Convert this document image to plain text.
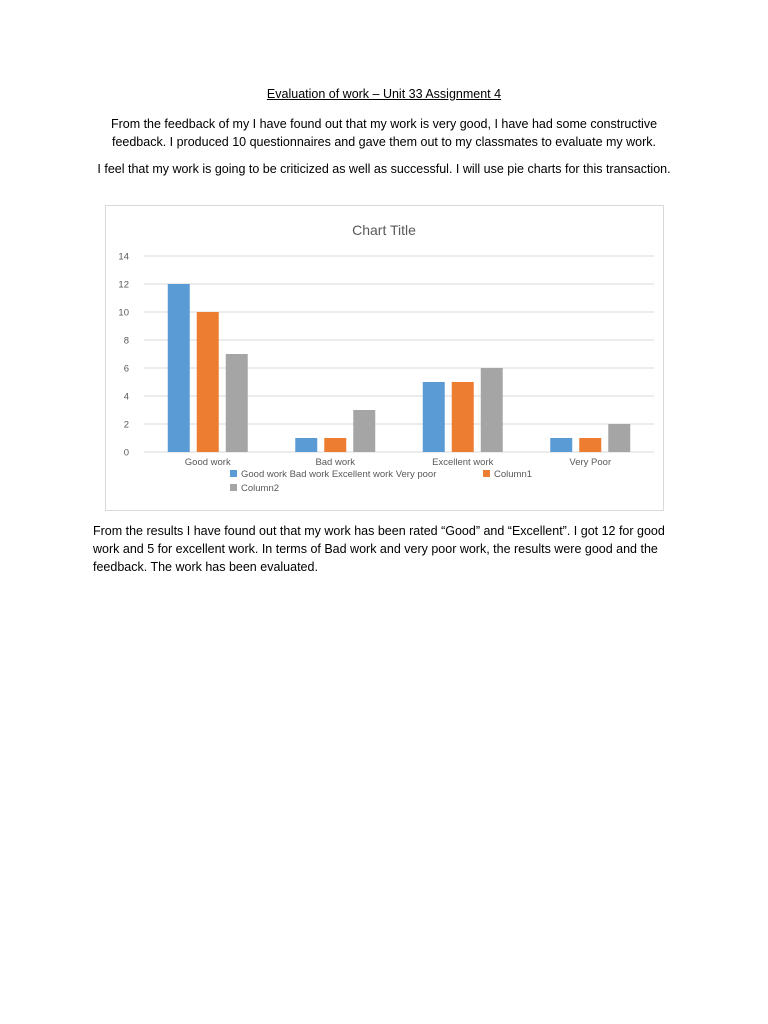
Evaluation of work – Unit 33 Assignment 4
From the feedback of my I have found out that my work is very good, I have had some constructive feedback. I produced 10 questionnaires and gave them out to my classmates to evaluate my work.
I feel that my work is going to be criticized as well as successful. I will use pie charts for this transaction.
Chart Title
0
2
4
6
8
10
12
14
Good work	Bad work	Excellent work	Very Poor
Good work Bad work Excellent work Very poor	Column1
Column2
From the results I have found out that my work has been rated “Good” and “Excellent”. I got 12 for good work and 5 for excellent work. In terms of Bad work and very poor work, the results were good and the feedback. The work has been evaluated.
